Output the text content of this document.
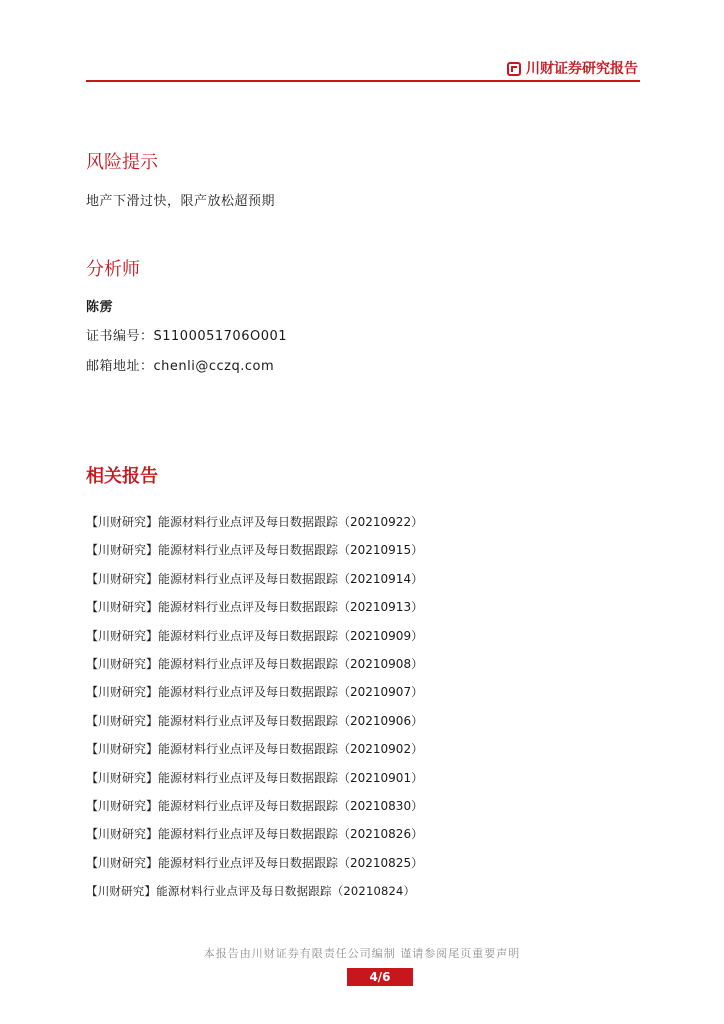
川财证券研究报告
风险提示

地产下滑过快，限产放松超预期

分析师

陈雳

证书编号：S1100051706O001

邮箱地址：chenli@cczq.com

相关报告
【川财研究】能源材料行业点评及每日数据跟踪（20210922）
【川财研究】能源材料行业点评及每日数据跟踪（20210915）
【川财研究】能源材料行业点评及每日数据跟踪（20210914）
【川财研究】能源材料行业点评及每日数据跟踪（20210913）
【川财研究】能源材料行业点评及每日数据跟踪（20210909）
【川财研究】能源材料行业点评及每日数据跟踪（20210908）
【川财研究】能源材料行业点评及每日数据跟踪（20210907）
【川财研究】能源材料行业点评及每日数据跟踪（20210906）
【川财研究】能源材料行业点评及每日数据跟踪（20210902）
【川财研究】能源材料行业点评及每日数据跟踪（20210901）
【川财研究】能源材料行业点评及每日数据跟踪（20210830）
【川财研究】能源材料行业点评及每日数据跟踪（20210826）
【川财研究】能源材料行业点评及每日数据跟踪（20210825）
【川财研究】能源材料行业点评及每日数据跟踪（20210824）
本报告由川财证券有限责任公司编制 谨请参阅尾页重要声明
4/6
